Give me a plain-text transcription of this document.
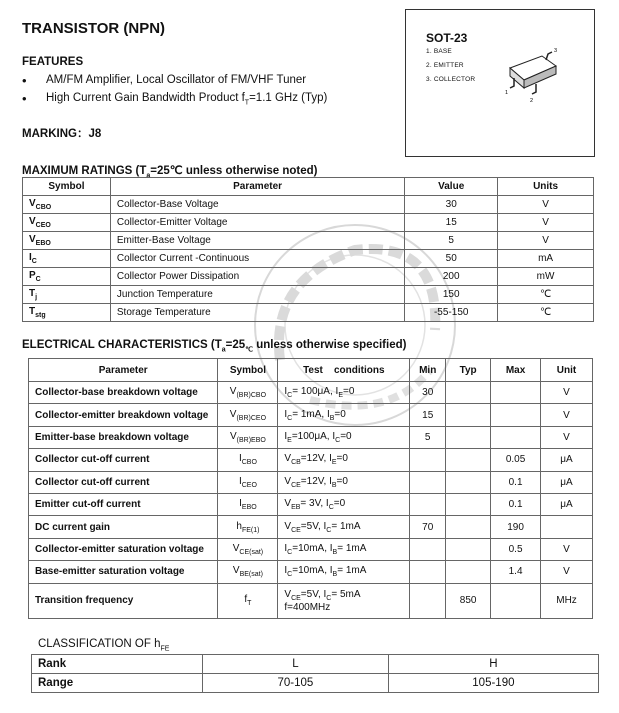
TRANSISTOR (NPN)
FEATURES
• AM/FM Amplifier, Local Oscillator of FM/VHF Tuner
• High Current Gain Bandwidth Product $f_T=1.1$ GHz (Typ)
MARKING：J8
SOT-23
1. BASE
2. EMITTER
3. COLLECTOR
3
1
2
MAXIMUM RATINGS ($T_a=25℃$ unless otherwise noted)
Symbol	Parameter	Value	Units
$V_{CBO}$	Collector-Base Voltage	30	V
$V_{CEO}$	Collector-Emitter Voltage	15	V
$V_{EBO}$	Emitter-Base Voltage	5	V
$I_C$	Collector Current -Continuous	50	mA
$P_C$	Collector Power Dissipation	200	mW
$T_j$	Junction Temperature	150	℃
$T_{stg}$	Storage Temperature	-55-150	℃
ELECTRICAL CHARACTERISTICS ($T_a=25_℃$ unless otherwise specified)
Parameter	Symbol	Test    conditions	Min	Typ	Max	Unit
Collector-base breakdown voltage	$V_{(BR)CBO}$	$I_C= 100\mu A$, $I_E=0$	30			V
Collector-emitter breakdown voltage	$V_{(BR)CEO}$	$I_C= 1mA$, $I_B=0$	15			V
Emitter-base breakdown voltage	$V_{(BR)EBO}$	$I_E=100\mu A$, $I_C=0$	5			V
Collector cut-off current	$I_{CBO}$	$V_{CB}=12V$, $I_E=0$			0.05	μA
Collector cut-off current	$I_{CEO}$	$V_{CE}=12V$, $I_B=0$			0.1	μA
Emitter cut-off current	$I_{EBO}$	$V_{EB}= 3V$, $I_C=0$			0.1	μA
DC current gain	$h_{FE(1)}$	$V_{CE}=5V$, $I_C= 1mA$	70		190	
Collector-emitter saturation voltage	$V_{CE(sat)}$	$I_C=10mA$, $I_B= 1mA$			0.5	V
Base-emitter saturation voltage	$V_{BE(sat)}$	$I_C=10mA$, $I_B= 1mA$			1.4	V
Transition frequency	$f_T$	$V_{CE}=5V$, $I_C= 5mA$
f=400MHz		850		MHz
CLASSIFICATION OF $h_{FE}$
Rank	L	H
Range	70-105	105-190
